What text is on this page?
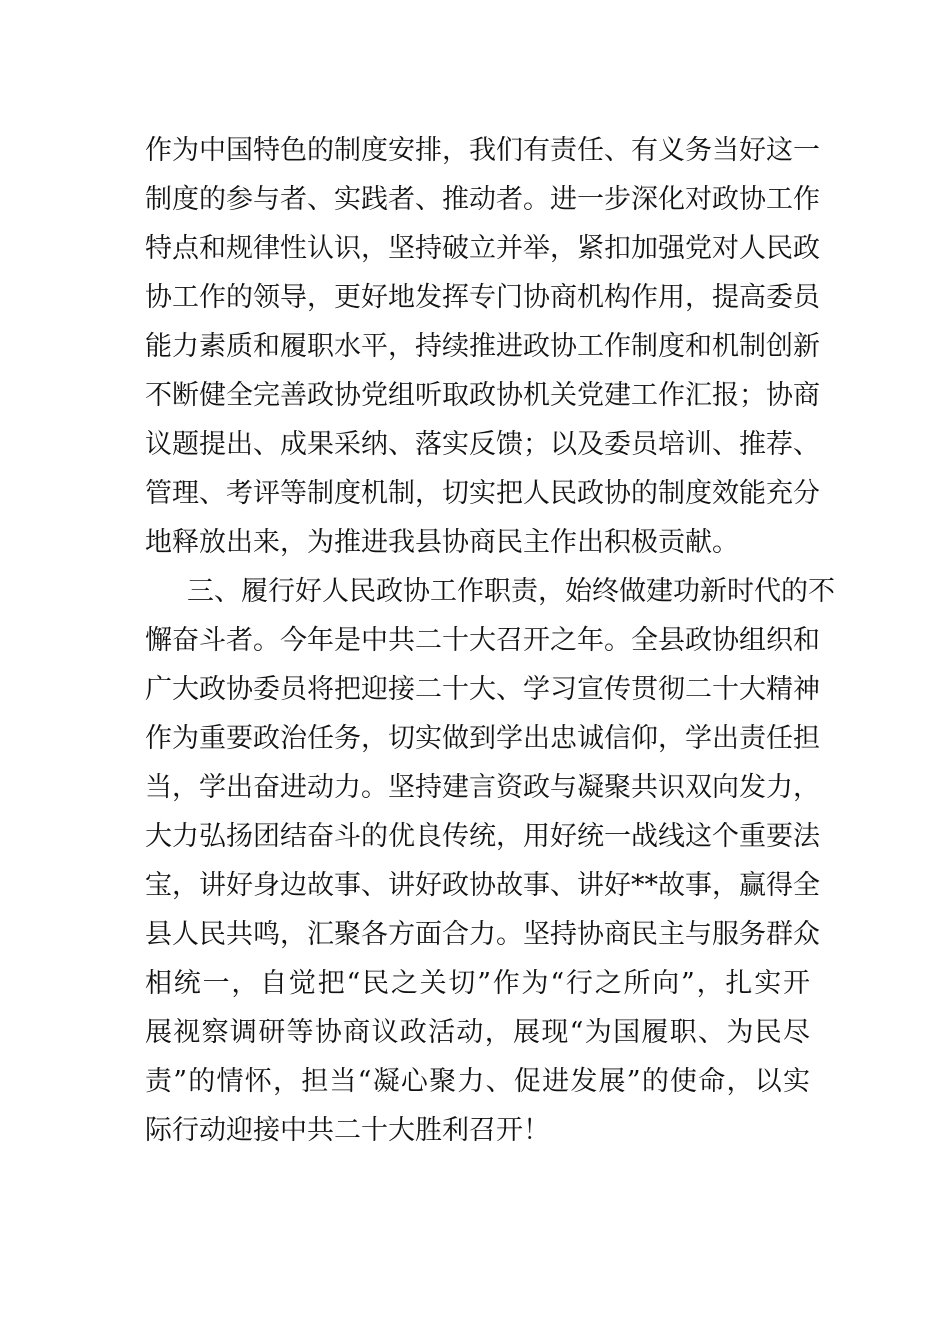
作为中国特色的制度安排，我们有责任、有义务当好这一
制度的参与者、实践者、推动者。进一步深化对政协工作
特点和规律性认识，坚持破立并举，紧扣加强党对人民政
协工作的领导，更好地发挥专门协商机构作用，提高委员
能力素质和履职水平，持续推进政协工作制度和机制创新
不断健全完善政协党组听取政协机关党建工作汇报；协商
议题提出、成果采纳、落实反馈；以及委员培训、推荐、
管理、考评等制度机制，切实把人民政协的制度效能充分
地释放出来，为推进我县协商民主作出积极贡献。
三、履行好人民政协工作职责，始终做建功新时代的不
懈奋斗者。今年是中共二十大召开之年。全县政协组织和
广大政协委员将把迎接二十大、学习宣传贯彻二十大精神
作为重要政治任务，切实做到学出忠诚信仰，学出责任担
当，学出奋进动力。坚持建言资政与凝聚共识双向发力，
大力弘扬团结奋斗的优良传统，用好统一战线这个重要法
宝，讲好身边故事、讲好政协故事、讲好**故事，赢得全
县人民共鸣，汇聚各方面合力。坚持协商民主与服务群众
相统一，自觉把“民之关切”作为“行之所向”，扎实开
展视察调研等协商议政活动，展现“为国履职、为民尽
责”的情怀，担当“凝心聚力、促进发展”的使命，以实
际行动迎接中共二十大胜利召开！
